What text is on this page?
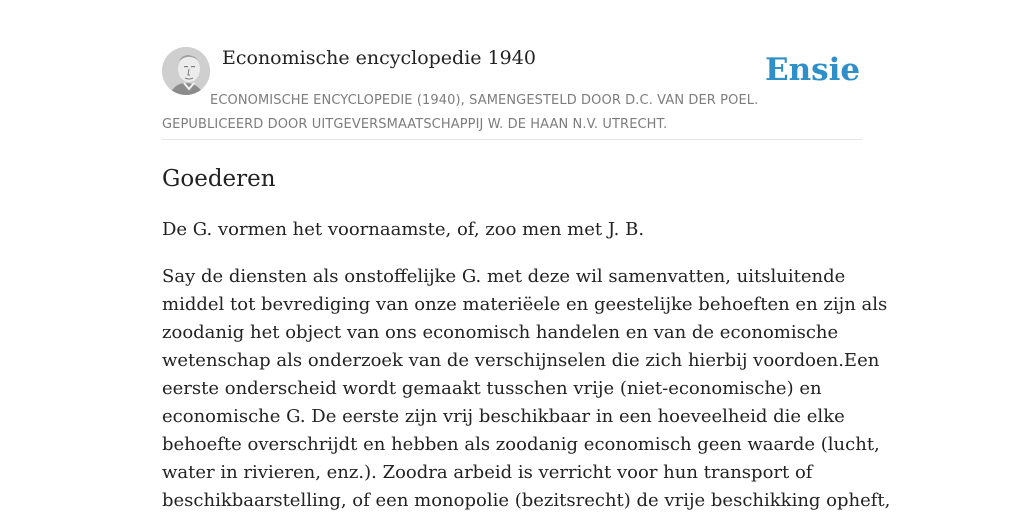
Economische encyclopedie 1940	Ensie

ECONOMISCHE ENCYCLOPEDIE (1940), SAMENGESTELD DOOR D.C. VAN DER POEL.
GEPUBLICEERD DOOR UITGEVERSMAATSCHAPPIJ W. DE HAAN N.V. UTRECHT.

Goederen

De G. vormen het voornaamste, of, zoo men met J. B.

Say de diensten als onstoffelijke G. met deze wil samenvatten, uitsluitende
middel tot bevrediging van onze materiëele en geestelijke behoeften en zijn als
zoodanig het object van ons economisch handelen en van de economische
wetenschap als onderzoek van de verschijnselen die zich hierbij voordoen.Een
eerste onderscheid wordt gemaakt tusschen vrije (niet-economische) en
economische G. De eerste zijn vrij beschikbaar in een hoeveelheid die elke
behoefte overschrijdt en hebben als zoodanig economisch geen waarde (lucht,
water in rivieren, enz.). Zoodra arbeid is verricht voor hun transport of
beschikbaarstelling, of een monopolie (bezitsrecht) de vrije beschikking opheft,
